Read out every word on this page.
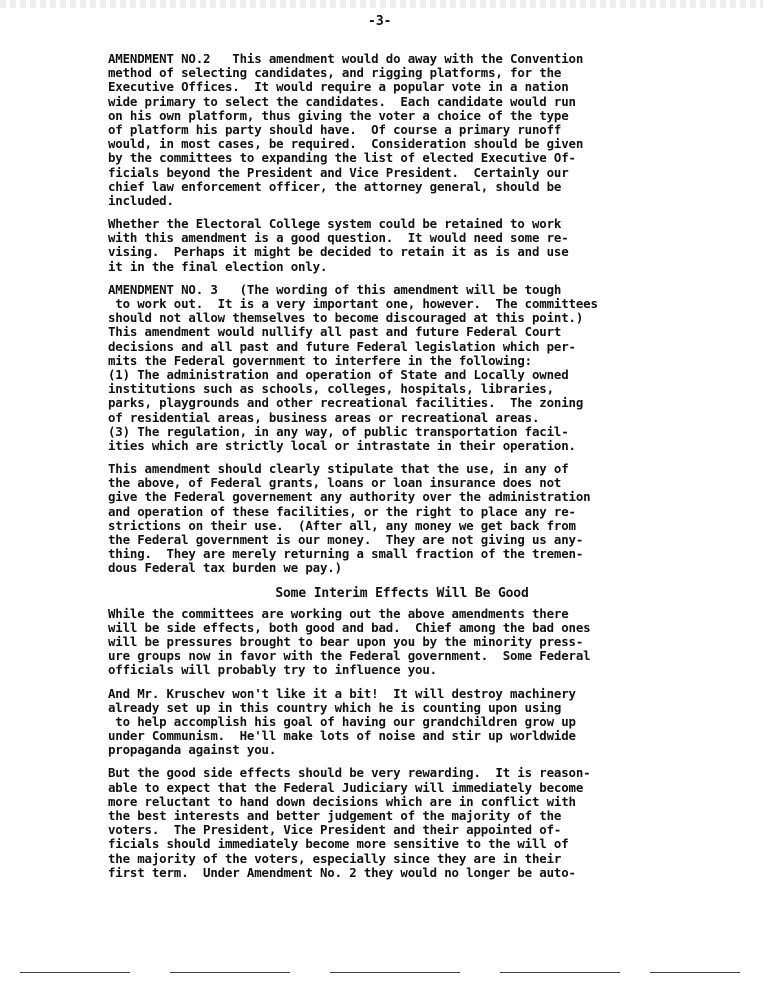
-3-
AMENDMENT NO.2   This amendment would do away with the Convention
method of selecting candidates, and rigging platforms, for the
Executive Offices.  It would require a popular vote in a nation
wide primary to select the candidates.  Each candidate would run
on his own platform, thus giving the voter a choice of the type
of platform his party should have.  Of course a primary runoff
would, in most cases, be required.  Consideration should be given
by the committees to expanding the list of elected Executive Of-
ficials beyond the President and Vice President.  Certainly our
chief law enforcement officer, the attorney general, should be
included.
Whether the Electoral College system could be retained to work
with this amendment is a good question.  It would need some re-
vising.  Perhaps it might be decided to retain it as is and use
it in the final election only.
AMENDMENT NO. 3   (The wording of this amendment will be tough
to work out.  It is a very important one, however.  The committees
should not allow themselves to become discouraged at this point.)
This amendment would nullify all past and future Federal Court
decisions and all past and future Federal legislation which per-
mits the Federal government to interfere in the following:
(1) The administration and operation of State and Locally owned
institutions such as schools, colleges, hospitals, libraries,
parks, playgrounds and other recreational facilities.  The zoning
of residential areas, business areas or recreational areas.
(3) The regulation, in any way, of public transportation facil-
ities which are strictly local or intrastate in their operation.
This amendment should clearly stipulate that the use, in any of
the above, of Federal grants, loans or loan insurance does not
give the Federal governement any authority over the administration
and operation of these facilities, or the right to place any re-
strictions on their use.  (After all, any money we get back from
the Federal government is our money.  They are not giving us any-
thing.  They are merely returning a small fraction of the tremen-
dous Federal tax burden we pay.)
Some Interim Effects Will Be Good
While the committees are working out the above amendments there
will be side effects, both good and bad.  Chief among the bad ones
will be pressures brought to bear upon you by the minority press-
ure groups now in favor with the Federal government.  Some Federal
officials will probably try to influence you.
And Mr. Kruschev won't like it a bit!  It will destroy machinery
already set up in this country which he is counting upon using
to help accomplish his goal of having our grandchildren grow up
under Communism.  He'll make lots of noise and stir up worldwide
propaganda against you.
But the good side effects should be very rewarding.  It is reason-
able to expect that the Federal Judiciary will immediately become
more reluctant to hand down decisions which are in conflict with
the best interests and better judgement of the majority of the
voters.  The President, Vice President and their appointed of-
ficials should immediately become more sensitive to the will of
the majority of the voters, especially since they are in their
first term.  Under Amendment No. 2 they would no longer be auto-
